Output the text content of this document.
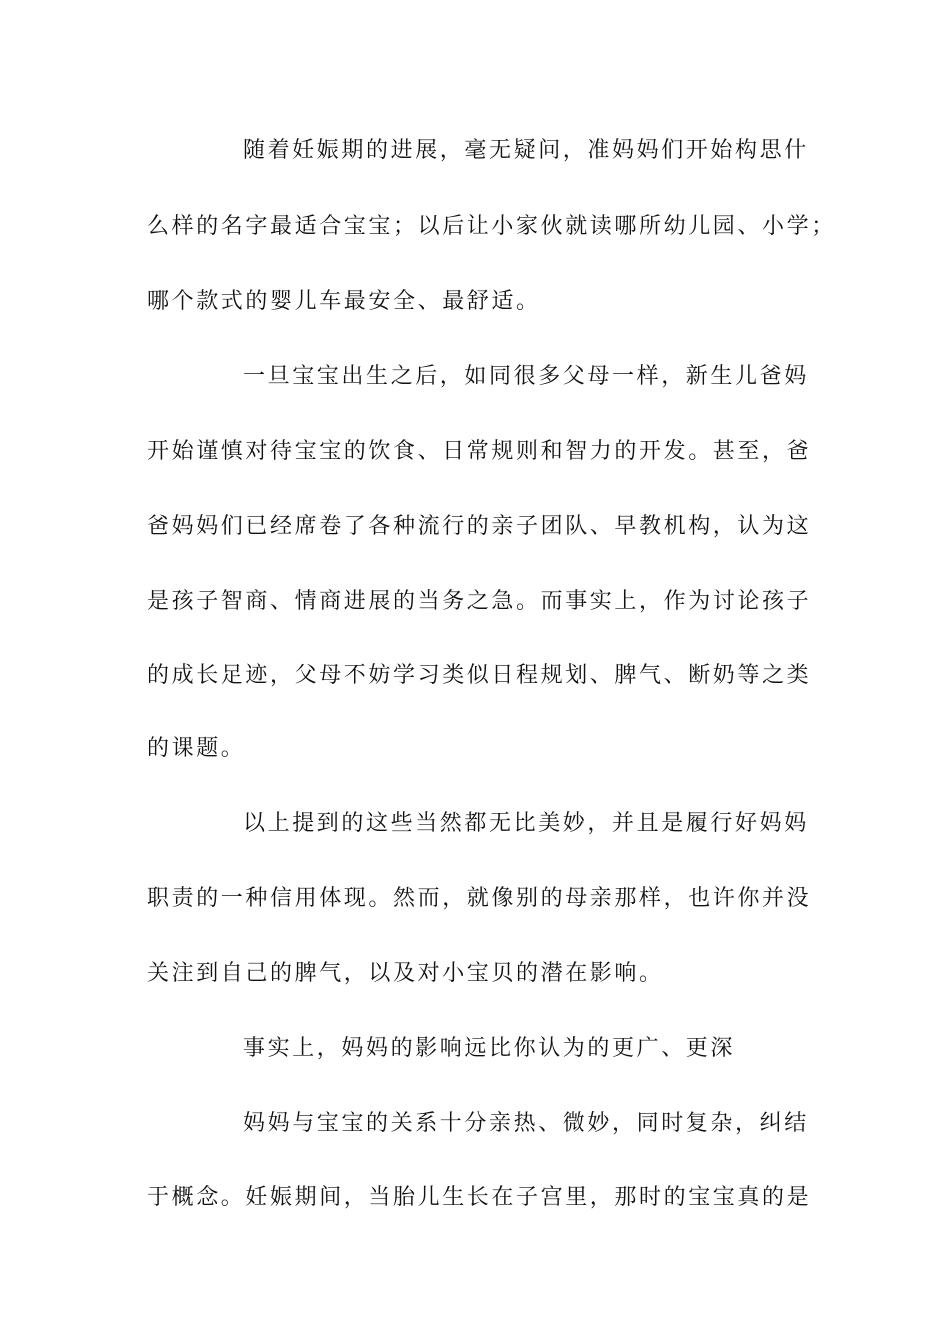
随着妊娠期的进展，毫无疑问，准妈妈们开始构思什
么样的名字最适合宝宝；以后让小家伙就读哪所幼儿园、小学；
哪个款式的婴儿车最安全、最舒适。
一旦宝宝出生之后，如同很多父母一样，新生儿爸妈
开始谨慎对待宝宝的饮食、日常规则和智力的开发。甚至，爸
爸妈妈们已经席卷了各种流行的亲子团队、早教机构，认为这
是孩子智商、情商进展的当务之急。而事实上，作为讨论孩子
的成长足迹，父母不妨学习类似日程规划、脾气、断奶等之类
的课题。
以上提到的这些当然都无比美妙，并且是履行好妈妈
职责的一种信用体现。然而，就像别的母亲那样，也许你并没
关注到自己的脾气，以及对小宝贝的潜在影响。
事实上，妈妈的影响远比你认为的更广、更深
妈妈与宝宝的关系十分亲热、微妙，同时复杂，纠结
于概念。妊娠期间，当胎儿生长在子宫里，那时的宝宝真的是
